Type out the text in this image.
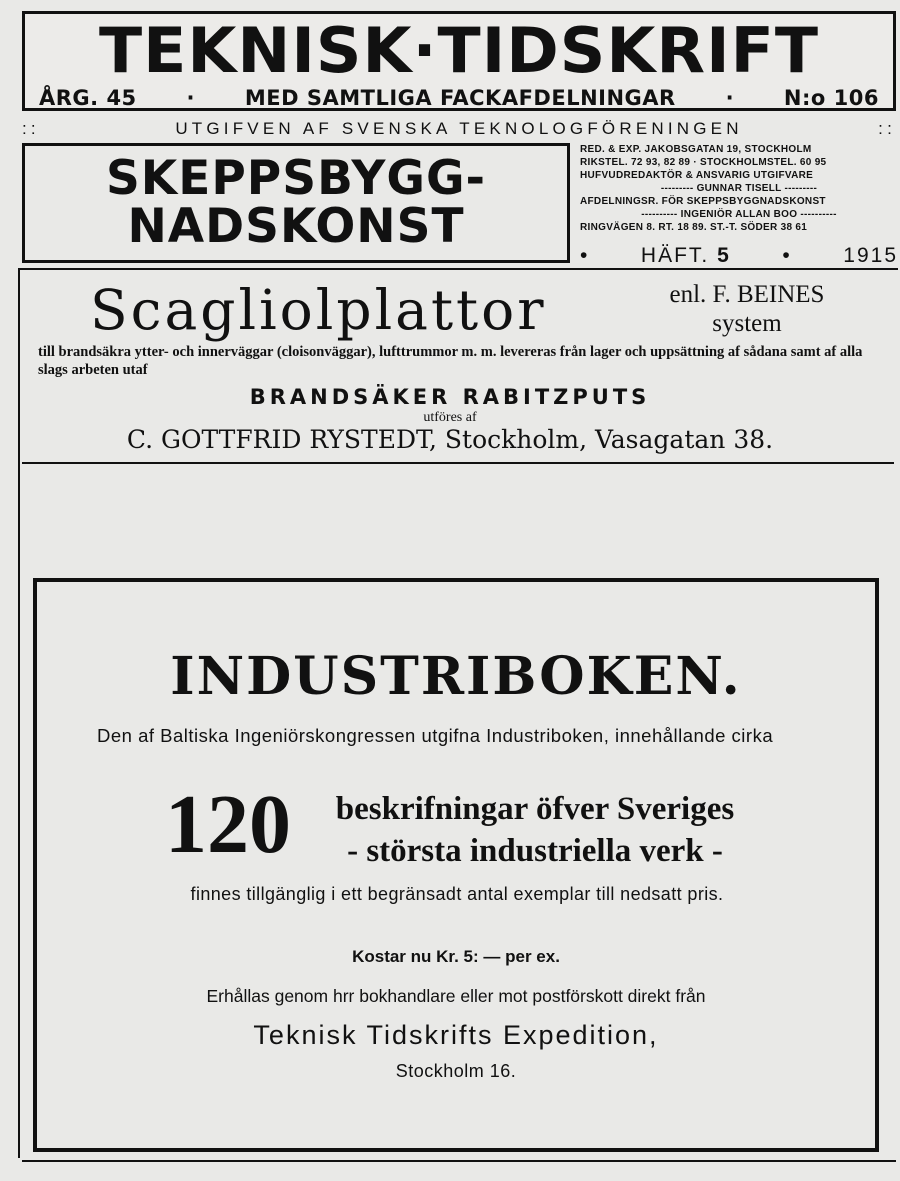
TEKNISK·TIDSKRIFT
ÅRG. 45 · MED SAMTLIGA FACKAFDELNINGAR · N:o 106
::	UTGIFVEN AF SVENSKA TEKNOLOGFÖRENINGEN	::
SKEPPSBYGG-
NADSKONST
RED. & EXP. JAKOBSGATAN 19, STOCKHOLM
RIKSTEL. 72 93, 82 89 · STOCKHOLMSTEL. 60 95
HUFVUDREDAKTÖR & ANSVARIG UTGIFVARE
--------- GUNNAR TISELL ---------
AFDELNINGSR. FÖR SKEPPSBYGGNADSKONST
---------- INGENIÖR ALLAN BOO ----------
RINGVÄGEN 8. RT. 18 89. ST.-T. SÖDER 38 61
• HÄFT. 5 • 1915
Scagliolplattor	enl. F. BEINES
system
till brandsäkra ytter- och innerväggar (cloisonväggar), lufttrummor m. m. levereras från lager och uppsättning af sådana samt af alla slags arbeten utaf
BRANDSÄKER RABITZPUTS
utföres af
C. GOTTFRID RYSTEDT, Stockholm, Vasagatan 38.
INDUSTRIBOKEN.
Den af Baltiska Ingeniörskongressen utgifna Industriboken, innehållande cirka
120	beskrifningar öfver Sveriges
- största industriella verk -
finnes tillgänglig i ett begränsadt antal exemplar till nedsatt pris.
Kostar nu Kr. 5: — per ex.
Erhållas genom hrr bokhandlare eller mot postförskott direkt från
Teknisk Tidskrifts Expedition,
Stockholm 16.
